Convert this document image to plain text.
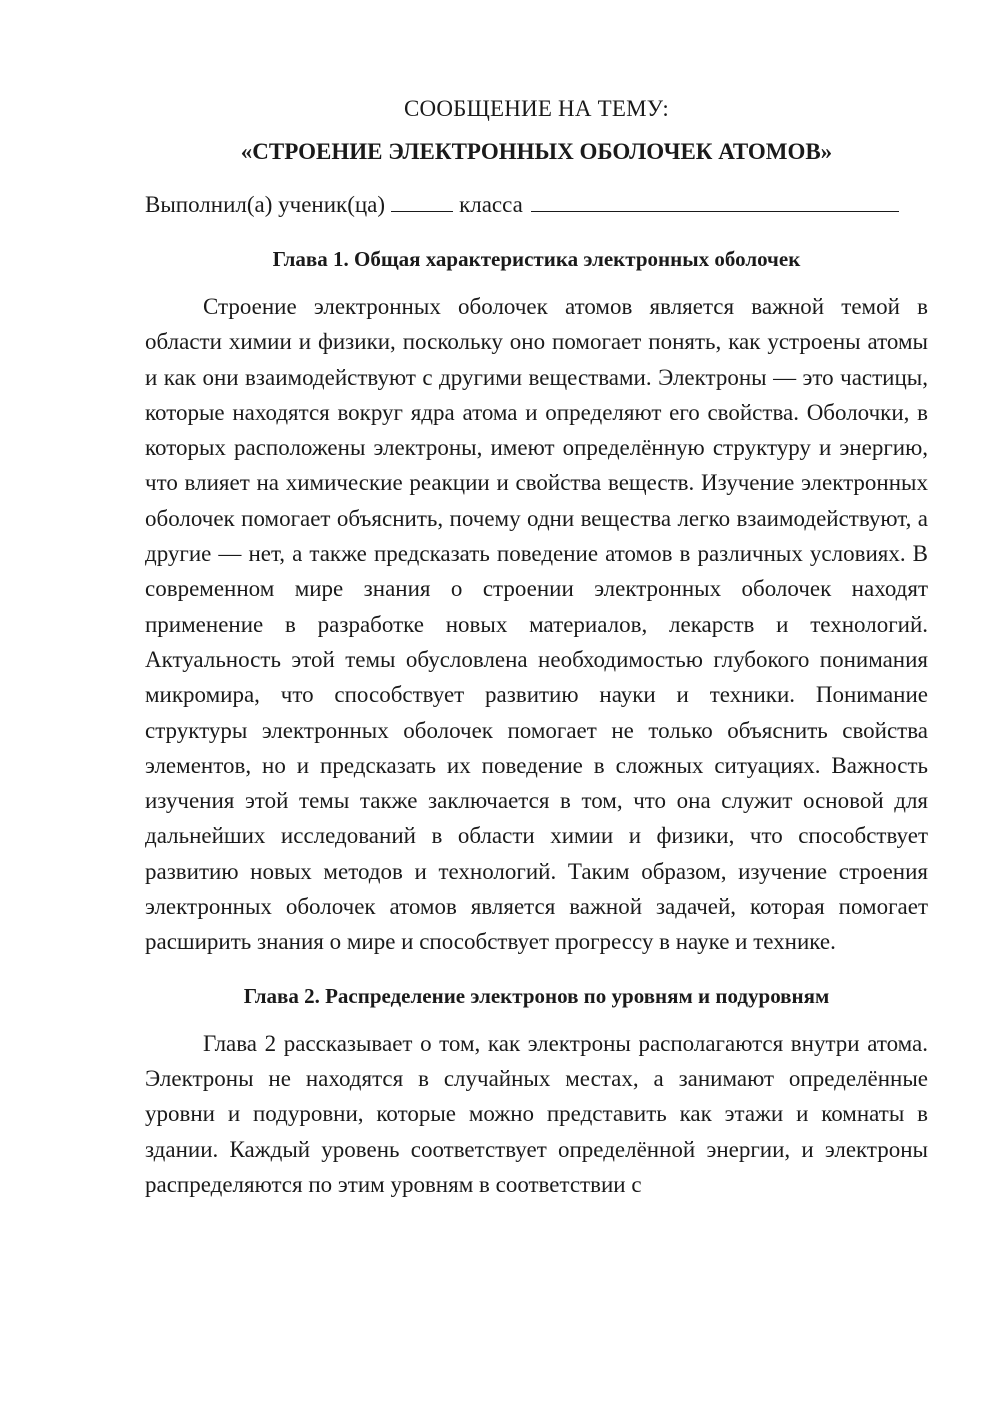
СООБЩЕНИЕ НА ТЕМУ:

«СТРОЕНИЕ ЭЛЕКТРОННЫХ ОБОЛОЧЕК АТОМОВ»

Выполнил(а) ученик(ца)	класса

Глава 1. Общая характеристика электронных оболочек

Строение электронных оболочек атомов является важной темой в области химии и физики, поскольку оно помогает понять, как устроены атомы и как они взаимодействуют с другими веществами. Электроны — это частицы, которые находятся вокруг ядра атома и определяют его свойства. Оболочки, в которых расположены электроны, имеют определённую структуру и энергию, что влияет на химические реакции и свойства веществ. Изучение электронных оболочек помогает объяснить, почему одни вещества легко взаимодействуют, а другие — нет, а также предсказать поведение атомов в различных условиях. В современном мире знания о строении электронных оболочек находят применение в разработке новых материалов, лекарств и технологий. Актуальность этой темы обусловлена необходимостью глубокого понимания микромира, что способствует развитию науки и техники. Понимание структуры электронных оболочек помогает не только объяснить свойства элементов, но и предсказать их поведение в сложных ситуациях. Важность изучения этой темы также заключается в том, что она служит основой для дальнейших исследований в области химии и физики, что способствует развитию новых методов и технологий. Таким образом, изучение строения электронных оболочек атомов является важной задачей, которая помогает расширить знания о мире и способствует прогрессу в науке и технике.

Глава 2. Распределение электронов по уровням и подуровням

Глава 2 рассказывает о том, как электроны располагаются внутри атома. Электроны не находятся в случайных местах, а занимают определённые уровни и подуровни, которые можно представить как этажи и комнаты в здании. Каждый уровень соответствует определённой энергии, и электроны распределяются по этим уровням в соответствии с
